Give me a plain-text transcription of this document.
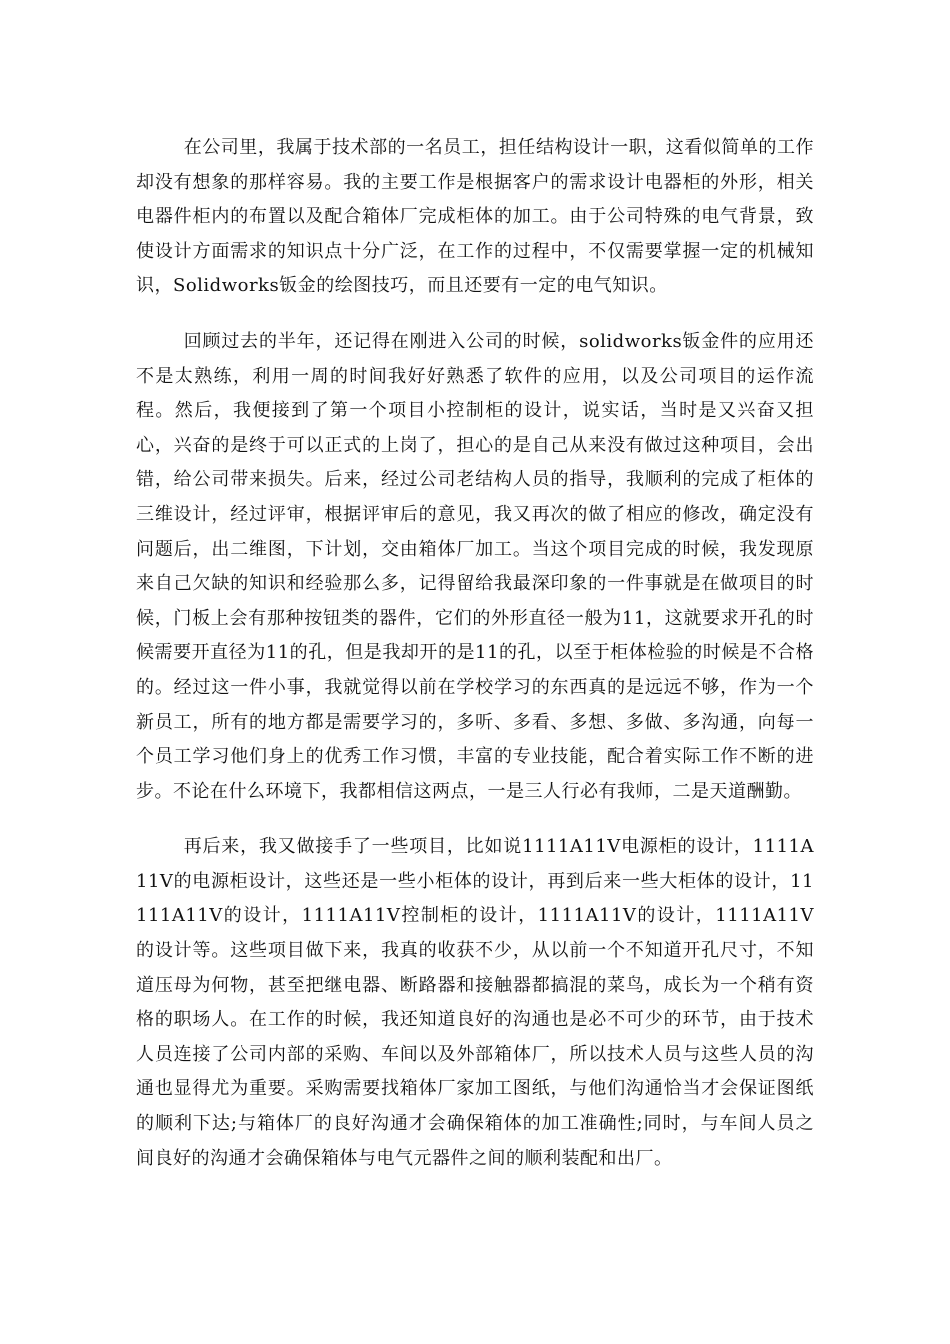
在公司里，我属于技术部的一名员工，担任结构设计一职，这看似简单的工作却没有想象的那样容易。我的主要工作是根据客户的需求设计电器柜的外形，相关电器件柜内的布置以及配合箱体厂完成柜体的加工。由于公司特殊的电气背景，致使设计方面需求的知识点十分广泛，在工作的过程中，不仅需要掌握一定的机械知识，Solidworks钣金的绘图技巧，而且还要有一定的电气知识。

回顾过去的半年，还记得在刚进入公司的时候，solidworks钣金件的应用还不是太熟练，利用一周的时间我好好熟悉了软件的应用，以及公司项目的运作流程。然后，我便接到了第一个项目小控制柜的设计，说实话，当时是又兴奋又担心，兴奋的是终于可以正式的上岗了，担心的是自己从来没有做过这种项目，会出错，给公司带来损失。后来，经过公司老结构人员的指导，我顺利的完成了柜体的三维设计，经过评审，根据评审后的意见，我又再次的做了相应的修改，确定没有问题后，出二维图，下计划，交由箱体厂加工。当这个项目完成的时候，我发现原来自己欠缺的知识和经验那么多，记得留给我最深印象的一件事就是在做项目的时候，门板上会有那种按钮类的器件，它们的外形直径一般为11，这就要求开孔的时候需要开直径为11的孔，但是我却开的是11的孔，以至于柜体检验的时候是不合格的。经过这一件小事，我就觉得以前在学校学习的东西真的是远远不够，作为一个新员工，所有的地方都是需要学习的，多听、多看、多想、多做、多沟通，向每一个员工学习他们身上的优秀工作习惯，丰富的专业技能，配合着实际工作不断的进步。不论在什么环境下，我都相信这两点，一是三人行必有我师，二是天道酬勤。

再后来，我又做接手了一些项目，比如说1111A11V电源柜的设计，1111A11V的电源柜设计，这些还是一些小柜体的设计，再到后来一些大柜体的设计，11111A11V的设计，1111A11V控制柜的设计，1111A11V的设计，1111A11V的设计等。这些项目做下来，我真的收获不少，从以前一个不知道开孔尺寸，不知道压母为何物，甚至把继电器、断路器和接触器都搞混的菜鸟，成长为一个稍有资格的职场人。在工作的时候，我还知道良好的沟通也是必不可少的环节，由于技术人员连接了公司内部的采购、车间以及外部箱体厂，所以技术人员与这些人员的沟通也显得尤为重要。采购需要找箱体厂家加工图纸，与他们沟通恰当才会保证图纸的顺利下达;与箱体厂的良好沟通才会确保箱体的加工准确性;同时，与车间人员之间良好的沟通才会确保箱体与电气元器件之间的顺利装配和出厂。
